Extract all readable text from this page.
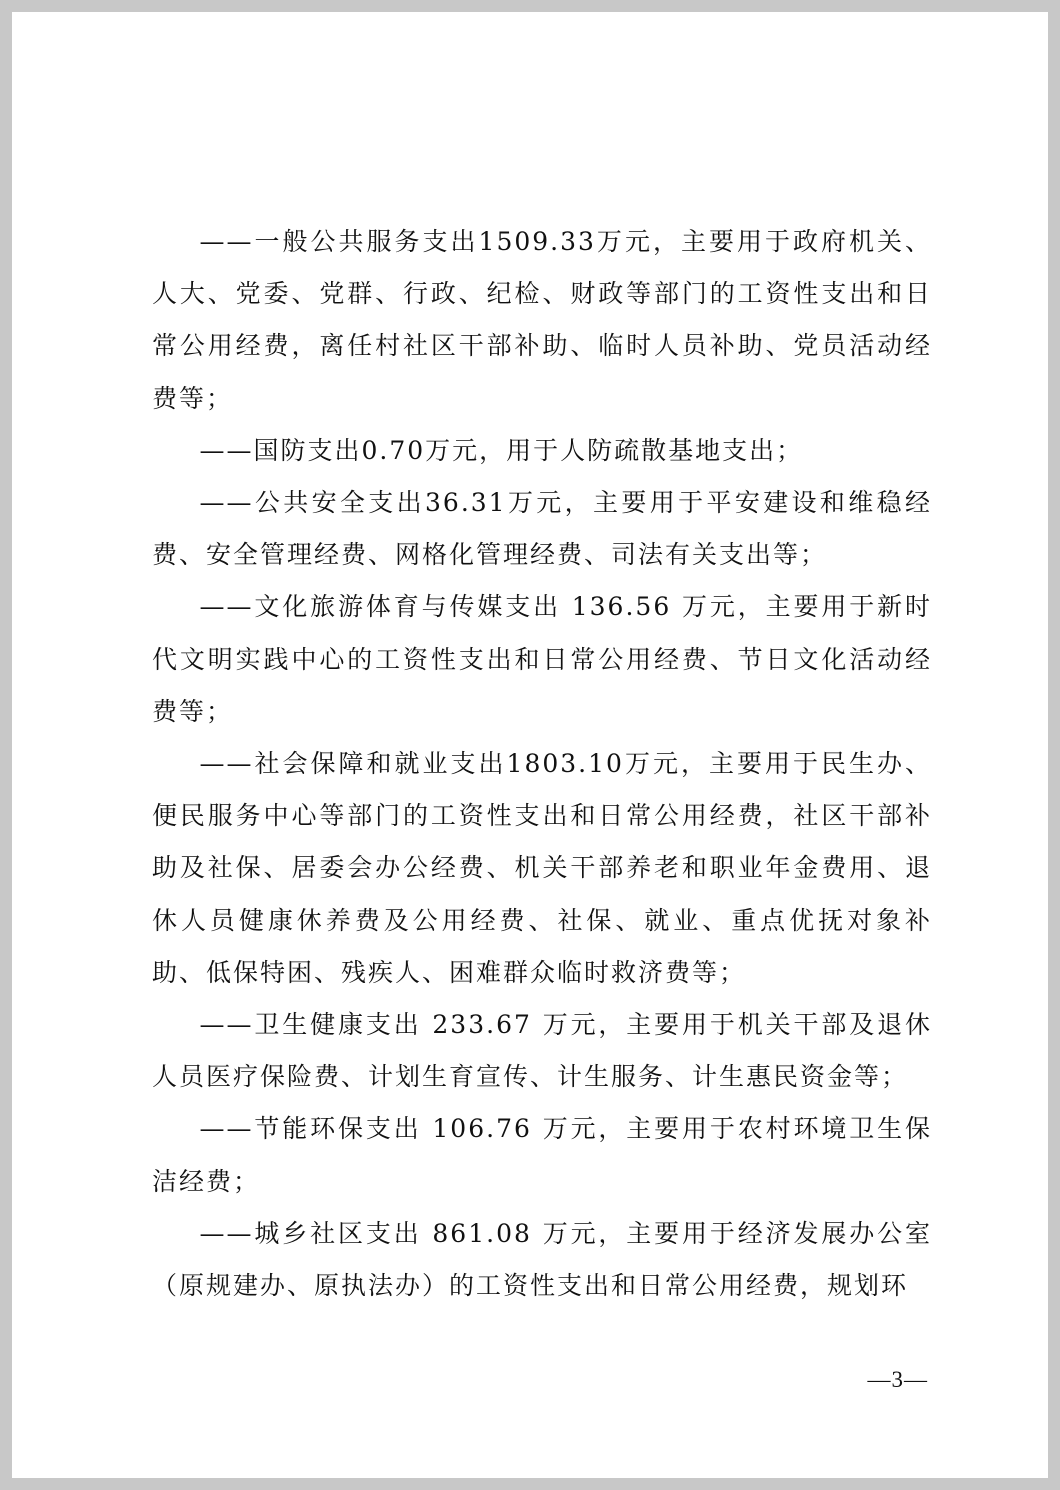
——一般公共服务支出1509.33万元，主要用于政府机关、人大、党委、党群、行政、纪检、财政等部门的工资性支出和日常公用经费，离任村社区干部补助、临时人员补助、党员活动经费等；

——国防支出0.70万元，用于人防疏散基地支出；

——公共安全支出36.31万元，主要用于平安建设和维稳经费、安全管理经费、网格化管理经费、司法有关支出等；

——文化旅游体育与传媒支出 136.56 万元，主要用于新时代文明实践中心的工资性支出和日常公用经费、节日文化活动经费等；

——社会保障和就业支出1803.10万元，主要用于民生办、便民服务中心等部门的工资性支出和日常公用经费，社区干部补助及社保、居委会办公经费、机关干部养老和职业年金费用、退休人员健康休养费及公用经费、社保、就业、重点优抚对象补助、低保特困、残疾人、困难群众临时救济费等；

——卫生健康支出 233.67 万元，主要用于机关干部及退休人员医疗保险费、计划生育宣传、计生服务、计生惠民资金等；

——节能环保支出 106.76 万元，主要用于农村环境卫生保洁经费；

——城乡社区支出 861.08 万元，主要用于经济发展办公室（原规建办、原执法办）的工资性支出和日常公用经费，规划环

—3—
